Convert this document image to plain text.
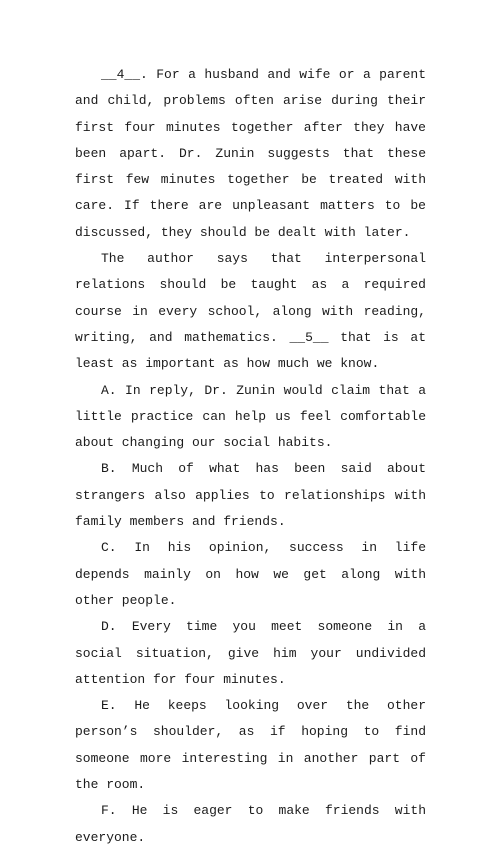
__4__. For a husband and wife or a parent and child, problems often arise during their first four minutes together after they have been apart. Dr. Zunin suggests that these first few minutes together be treated with care. If there are unpleasant matters to be discussed, they should be dealt with later.

The author says that interpersonal relations should be taught as a required course in every school, along with reading, writing, and mathematics. __5__ that is at least as important as how much we know.

A. In reply, Dr. Zunin would claim that a little practice can help us feel comfortable about changing our social habits.

B. Much of what has been said about strangers also applies to relationships with family members and friends.

C. In his opinion, success in life depends mainly on how we get along with other people.

D. Every time you meet someone in a social situation, give him your undivided attention for four minutes.

E. He keeps looking over the other person’s shoulder, as if hoping to find someone more interesting in another part of the room.

F. He is eager to make friends with everyone.
